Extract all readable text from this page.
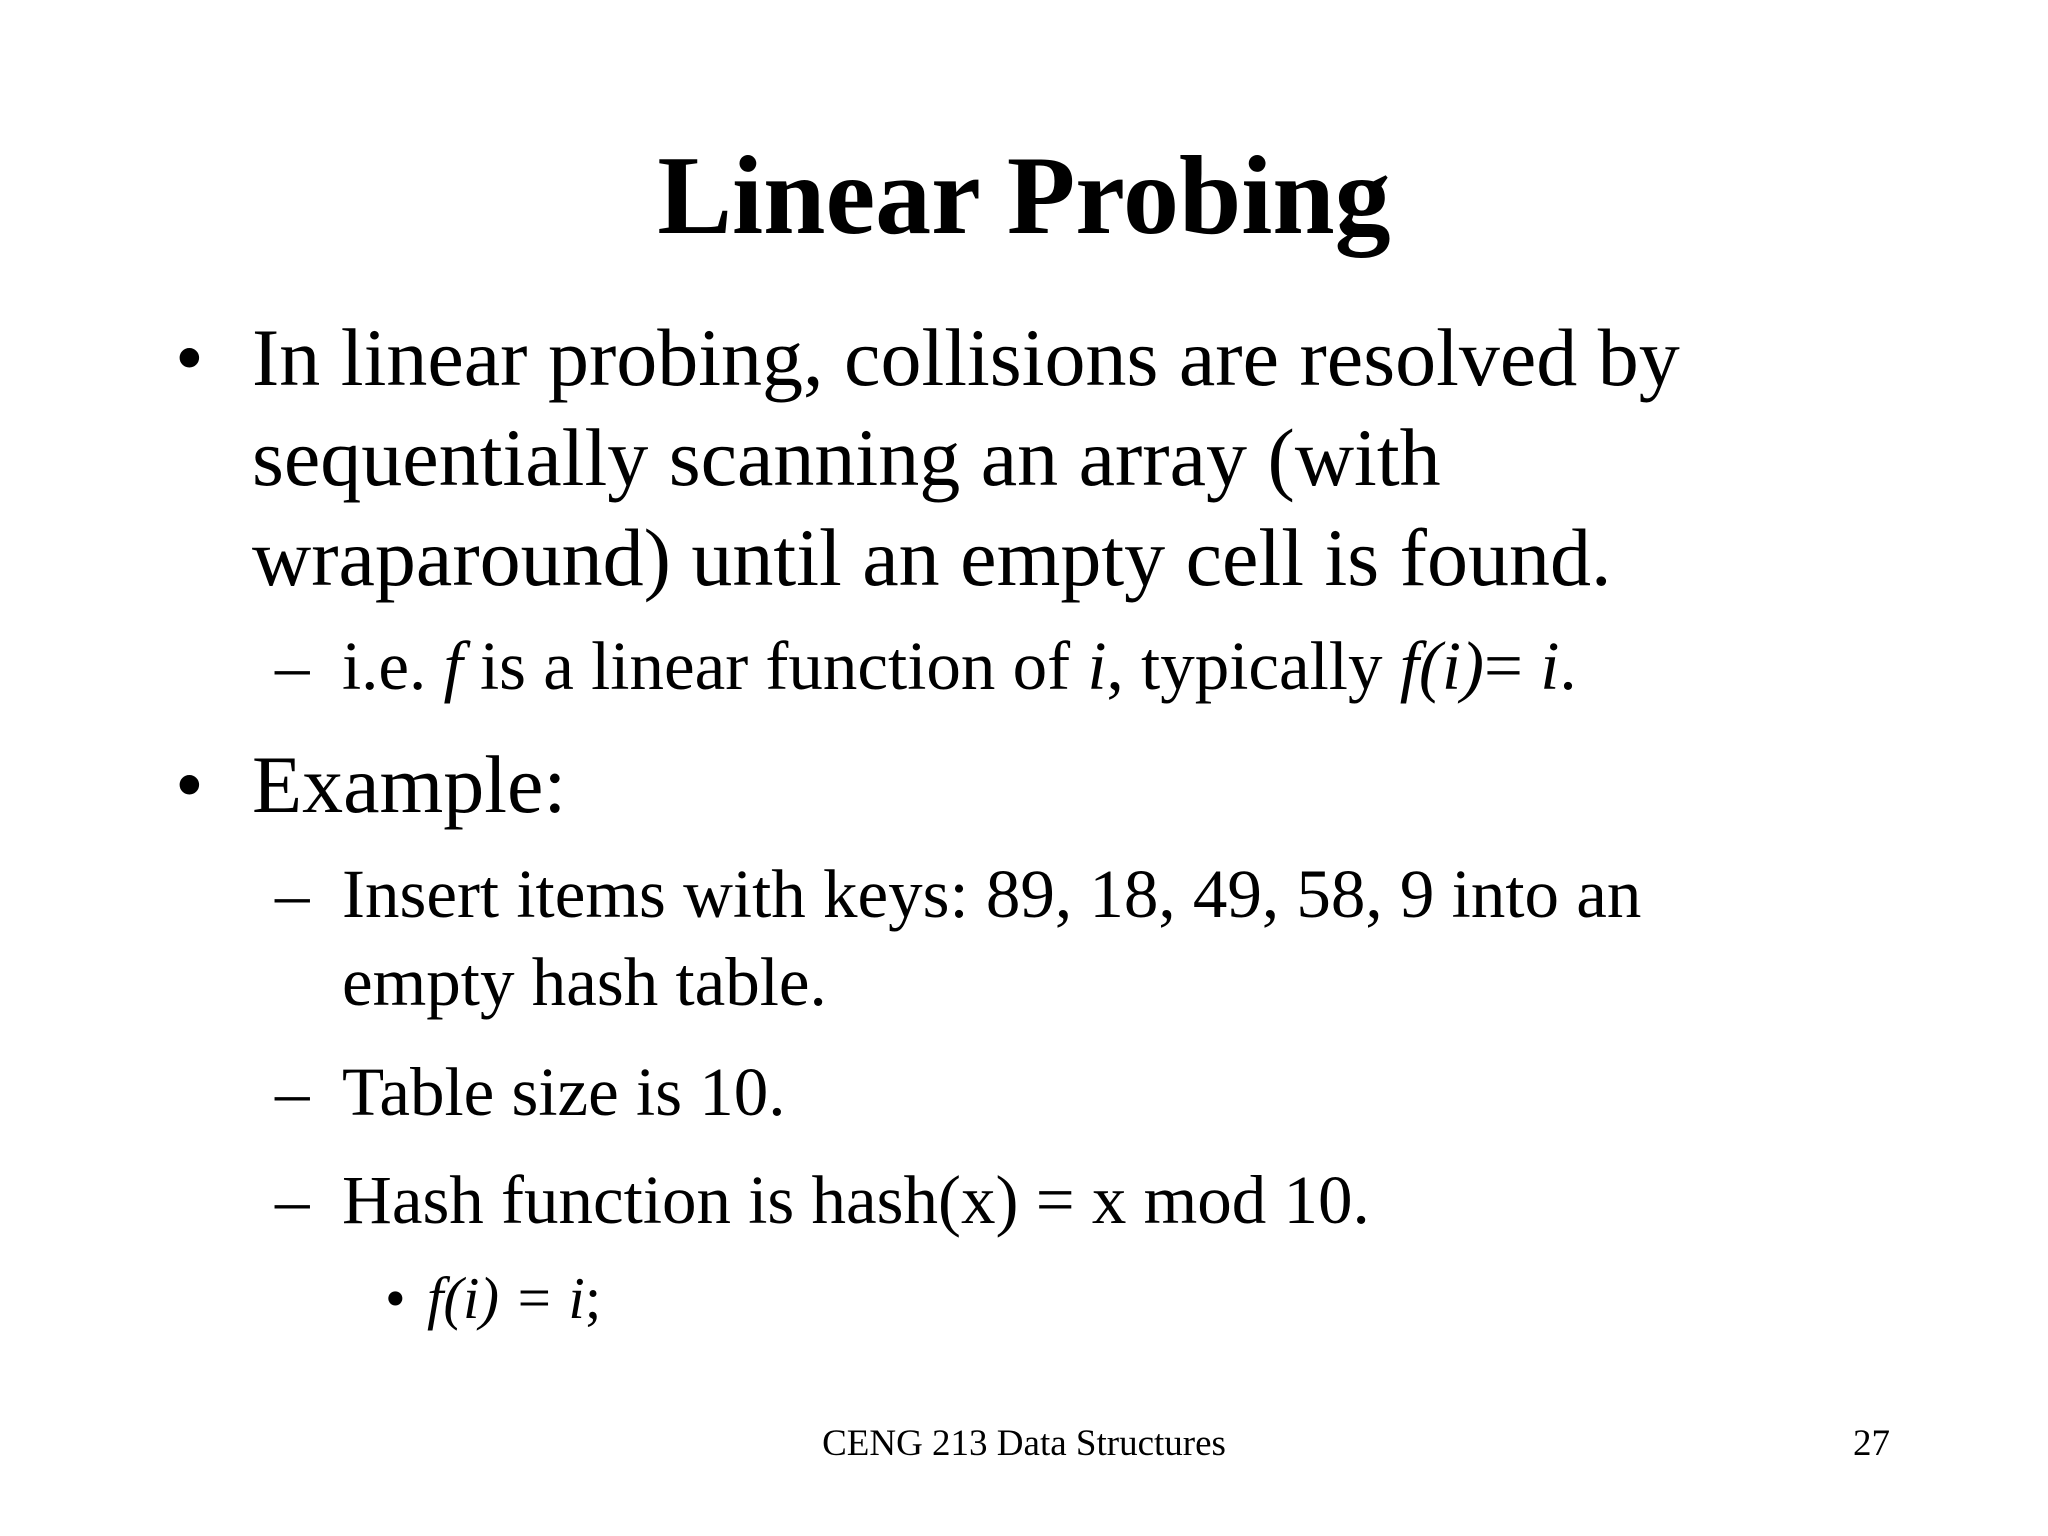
Linear Probing
• In linear probing, collisions are resolved by
sequentially scanning an array (with
wraparound) until an empty cell is found.
– i.e. f is a linear function of i, typically f(i)= i.
• Example:
– Insert items with keys: 89, 18, 49, 58, 9 into an
empty hash table.
– Table size is 10.
– Hash function is hash(x) = x mod 10.
• f(i) = i;
CENG 213 Data Structures	27
